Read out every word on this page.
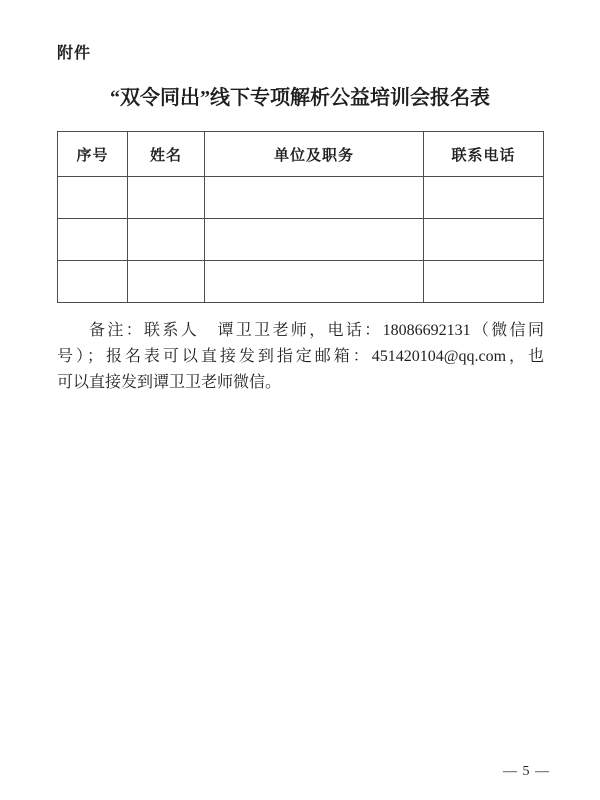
附件
“双令同出”线下专项解析公益培训会报名表
序号	姓名	单位及职务	联系电话

备注：联系人　谭卫卫老师，电话：18086692131（微信同
号）；报名表可以直接发到指定邮箱：451420104@qq.com，也
可以直接发到谭卫卫老师微信。
— 5 —
